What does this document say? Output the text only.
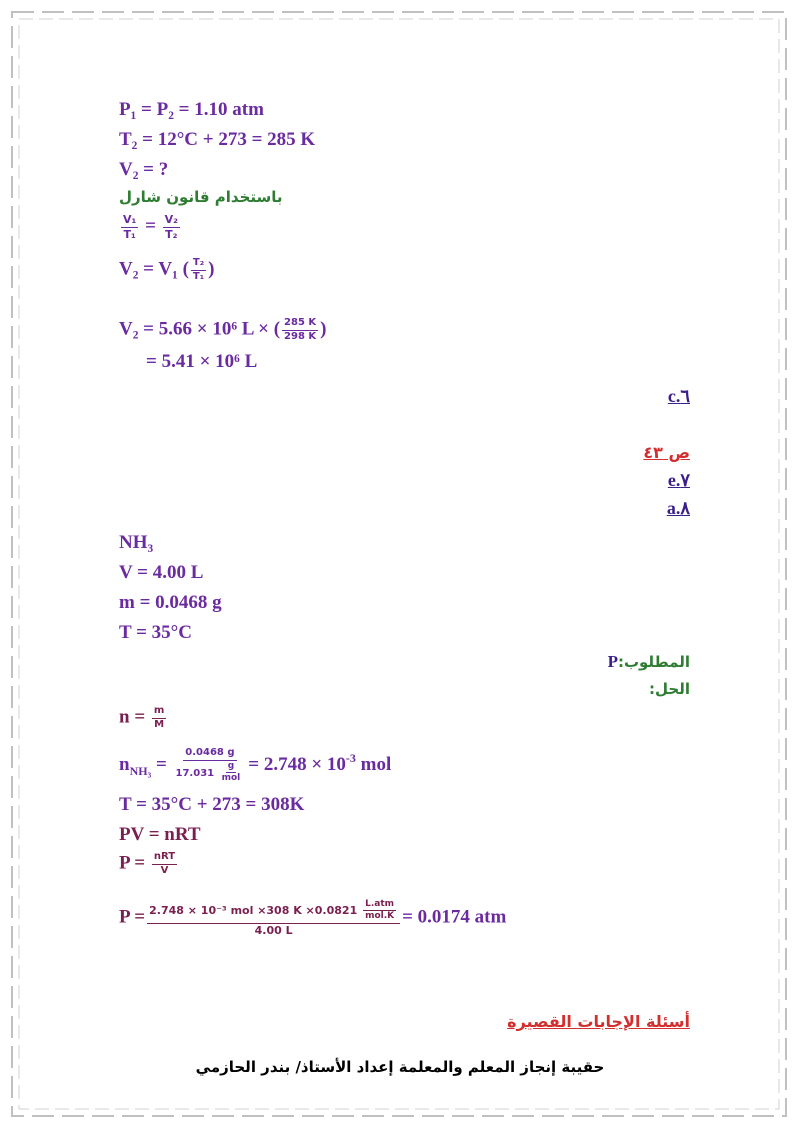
P₁ = P₂ = 1.10 atm
T₂ = 12°C + 273 = 285 K
V₂ = ?
باستخدام قانون شارل
$\frac{\text{V₁}}{\text{T₁}} = \frac{\text{V₂}}{\text{T₂}}$
V₂ = V₁ ( $\frac{\text{T₂}}{\text{T₁}}$ )
V₂ = 5.66 × 10⁶ L × ( $\frac{285 K}{298 K}$ )
= 5.41 × 10⁶ L
c.٦
ص ٤٣
e.٧
a.٨
NH₃
V = 4.00 L
m = 0.0468 g
T = 35°C
المطلوب:P
الحل:
$n = \frac{m}{M}$
$n_{NH_3} = \frac{0.0468 g}{17.031 \frac{g}{\text{mol}}} = 2.748 \times 10^{-3}$ mol
T = 35°C + 273 = 308K
PV = nRT
$P = \frac{\text{nRT}}{V}$
$P = \frac{2.748 \times 10^{-3} mol \times 308 K \times 0.0821 \frac{\text{L.atm}}{\text{mol.K}}}{4.00 L} = 0.0174$ atm
أسئلة الإجابات القصيرة
حقيبة إنجاز المعلم والمعلمة إعداد الأستاذ/ بندر الحازمي
